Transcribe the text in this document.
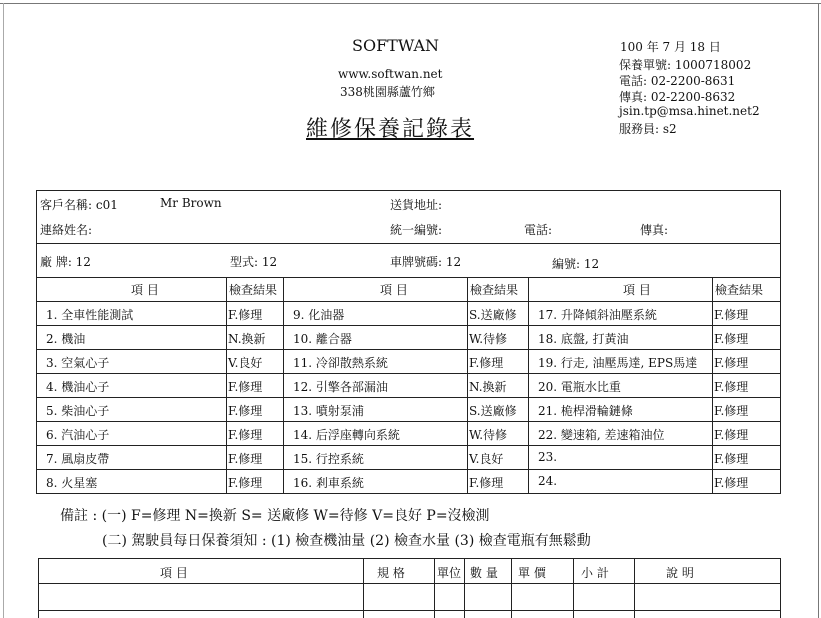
SOFTWAN
www.softwan.net
338桃園縣蘆竹鄉
維修保養記錄表
100 年 7 月 18 日
保養單號: 1000718002
電話: 02-2200-8631
傳真: 02-2200-8632
jsin.tp@msa.hinet.net2
服務員: s2
客戶名稱: c01	Mr Brown	送貨地址:
連絡姓名:	統一編號:	電話:	傳真:
廠 牌: 12	型式: 12	車牌號碼: 12	編號: 12
項 目	檢查結果	項 目	檢查結果	項 目	檢查結果
1. 全車性能測試	F.修理	9. 化油器	S.送廠修 17. 升降傾斜油壓系統	F.修理
2. 機油	N.換新 10. 離合器	W.待修	18. 底盤, 打黃油	F.修理
3. 空氣心子	V.良好	11. 冷卻散熱系統	F.修理	19. 行走, 油壓馬達, EPS馬達 F.修理
4. 機油心子	F.修理	12. 引擎各部漏油	N.換新	20. 電瓶水比重	F.修理
5. 柴油心子	F.修理	13. 噴射泵浦	S.送廠修 21. 桅桿滑輪鏈條	F.修理
6. 汽油心子	F.修理	14. 后浮座轉向系統	W.待修	22. 變速箱, 差速箱油位	F.修理
7. 風扇皮帶	F.修理	15. 行控系統	V.良好	23.	F.修理
8. 火星塞	F.修理	16. 剎車系統	F.修理	24.	F.修理
備註 : (一) F=修理 N=換新 S= 送廠修 W=待修 V=良好 P=沒檢測
(二) 駕駛員每日保養須知 : (1) 檢查機油量 (2) 檢查水量 (3) 檢查電瓶有無鬆動
項 目	規 格	單位 數 量 單 價	小 計	說 明
